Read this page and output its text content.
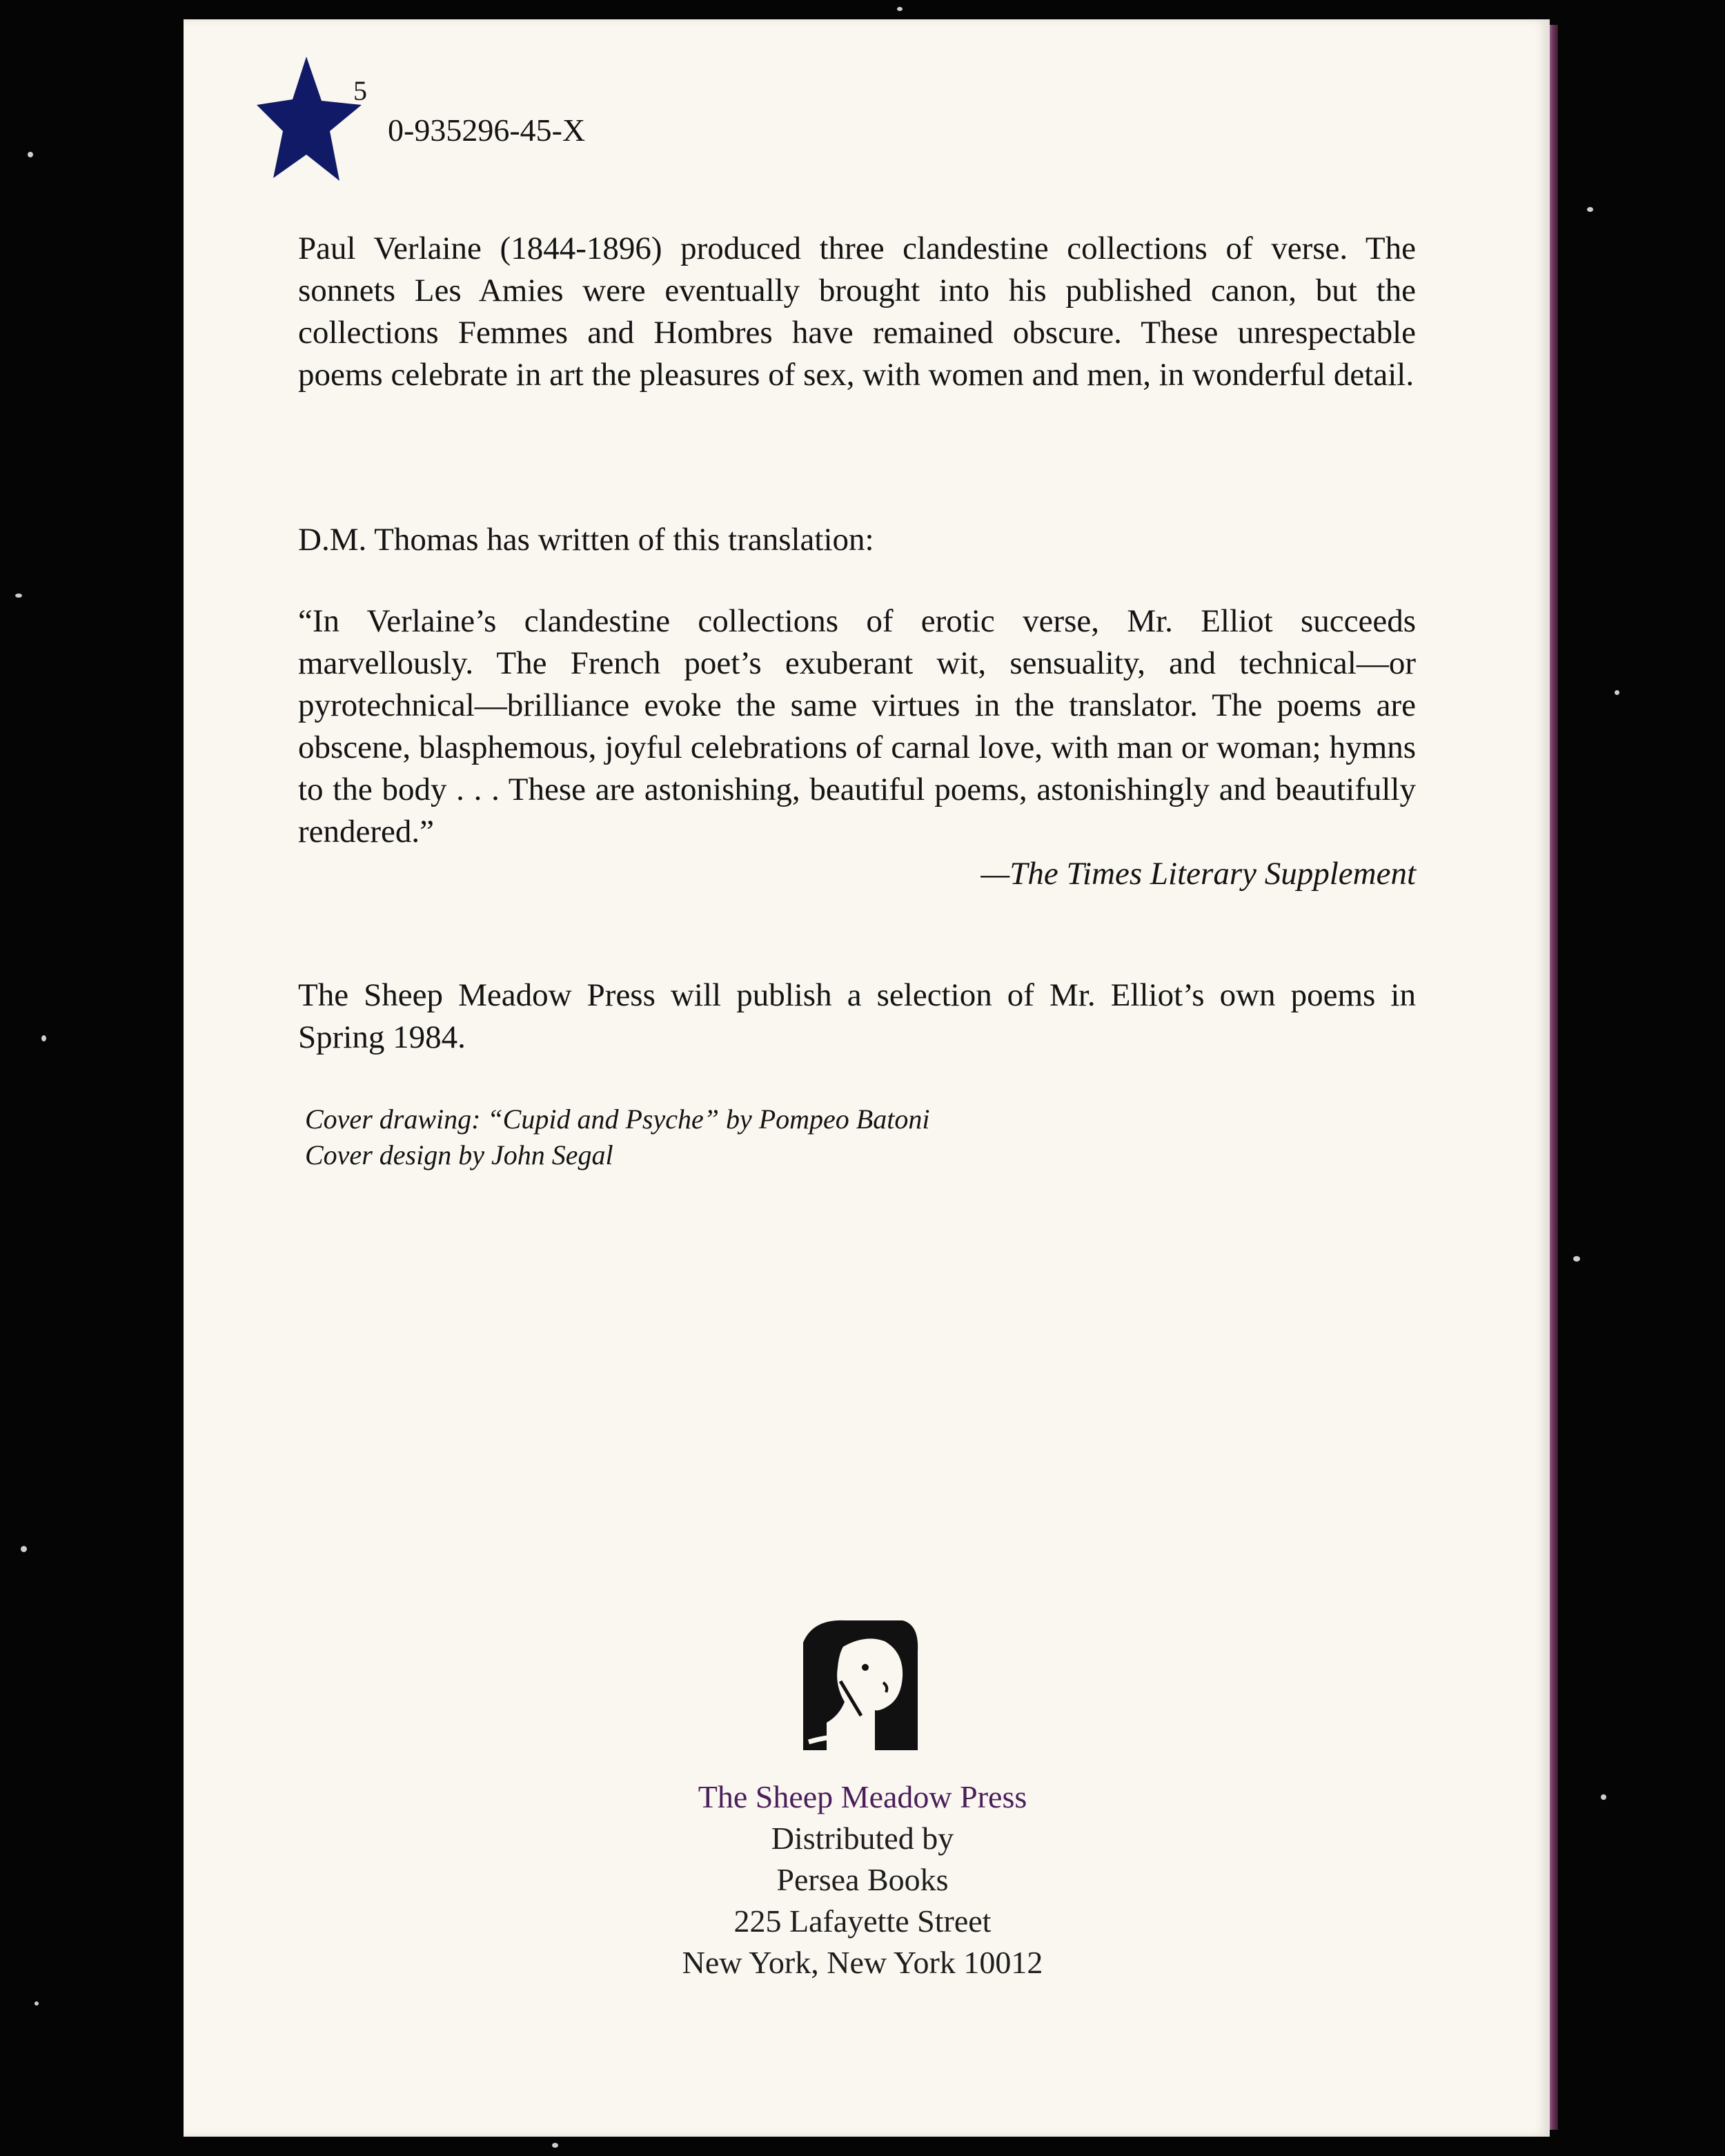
5
0-935296-45-X

Paul Verlaine (1844-1896) produced three clandestine collections of verse. The sonnets Les Amies were eventually brought into his published canon, but the collections Femmes and Hombres have remained obscure. These unrespectable poems celebrate in art the pleasures of sex, with women and men, in wonderful detail.

D.M. Thomas has written of this translation:

“In Verlaine’s clandestine collections of erotic verse, Mr. Elliot succeeds marvellously. The French poet’s exuberant wit, sensuality, and technical—or pyrotechnical—brilliance evoke the same virtues in the translator. The poems are obscene, blasphemous, joyful celebrations of carnal love, with man or woman; hymns to the body . . . These are astonishing, beautiful poems, astonishingly and beautifully rendered.”

—The Times Literary Supplement

The Sheep Meadow Press will publish a selection of Mr. Elliot’s own poems in Spring 1984.

Cover drawing: “Cupid and Psyche” by Pompeo Batoni
Cover design by John Segal
The Sheep Meadow Press
Distributed by
Persea Books
225 Lafayette Street
New York, New York 10012
